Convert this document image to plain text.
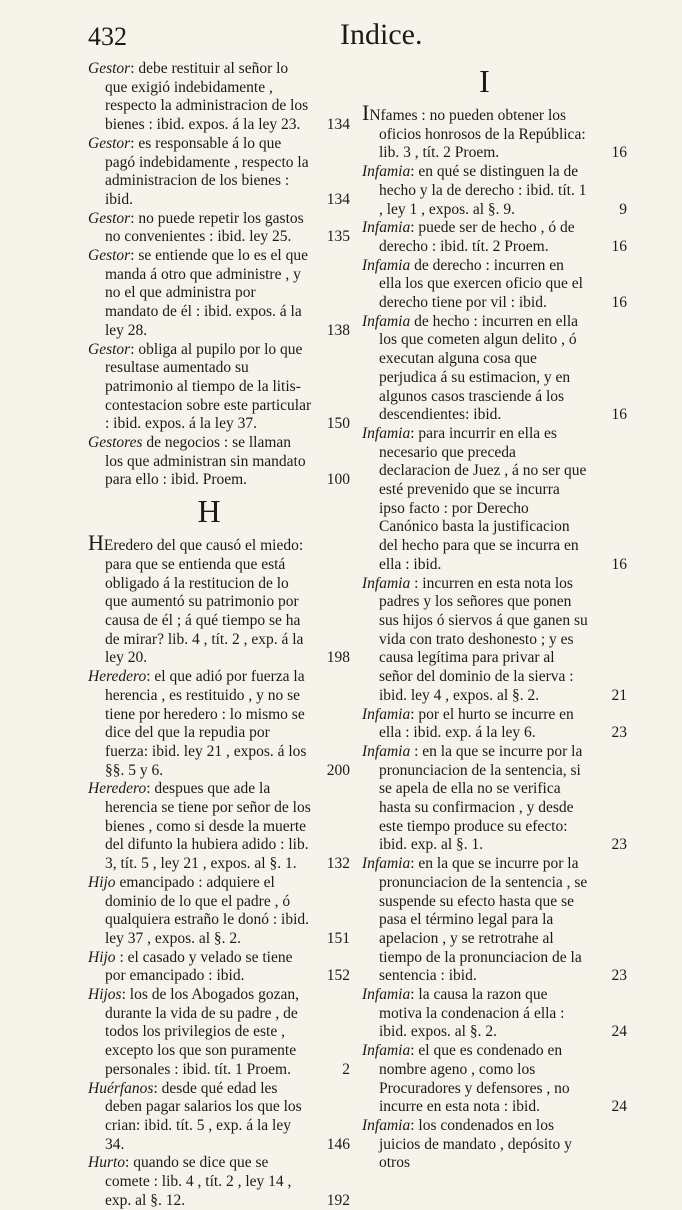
432	Indice.

Gestor: debe restituir al señor lo que exigió indebidamente , respecto la administracion de los bienes : ibid. expos. á la ley 23. 134

Gestor: es responsable á lo que pagó indebidamente , respecto la administracion de los bienes : ibid.	134

Gestor: no puede repetir los gastos no convenientes : ibid. ley 25. 135

Gestor: se entiende que lo es el que manda á otro que administre , y no el que administra por mandato de él : ibid. expos. á la ley 28.	138

Gestor: obliga al pupilo por lo que resultase aumentado su patrimonio al tiempo de la litis-contestacion sobre este particular : ibid. expos. á la ley 37.	150

Gestores de negocios : se llaman los que administran sin mandato para ello : ibid. Proem.	100

H

HEredero del que causó el miedo: para que se entienda que está obligado á la restitucion de lo que aumentó su patrimonio por causa de él ; á qué tiempo se ha de mirar? lib. 4 , tít. 2 , exp. á la ley 20.	198

Heredero: el que adió por fuerza la herencia , es restituido , y no se tiene por heredero : lo mismo se dice del que la repudia por fuerza: ibid. ley 21 , expos. á los §§. 5 y 6.	200

Heredero: despues que ade la herencia se tiene por señor de los bienes , como si desde la muerte del difunto la hubiera adido : lib. 3, tít. 5 , ley 21 , expos. al §. 1. 132

Hijo emancipado : adquiere el dominio de lo que el padre , ó qualquiera estraño le donó : ibid. ley 37 , expos. al §. 2.	151

Hijo : el casado y velado se tiene por emancipado : ibid.	152

Hijos: los de los Abogados gozan, durante la vida de su padre , de todos los privilegios de este , excepto los que son puramente personales : ibid. tít. 1 Proem.	2

Huérfanos: desde qué edad les deben pagar salarios los que los crian: ibid. tít. 5 , exp. á la ley 34.	146

Hurto: quando se dice que se comete : lib. 4 , tít. 2 , ley 14 , exp. al §. 12.	192

I

INfames : no pueden obtener los oficios honrosos de la República: lib. 3 , tít. 2 Proem.	16

Infamia: en qué se distinguen la de hecho y la de derecho : ibid. tít. 1 , ley 1 , expos. al §. 9.	9

Infamia: puede ser de hecho , ó de derecho : ibid. tít. 2 Proem.	16

Infamia de derecho : incurren en ella los que exercen oficio que el derecho tiene por vil : ibid.	16

Infamia de hecho : incurren en ella los que cometen algun delito , ó executan alguna cosa que perjudica á su estimacion, y en algunos casos trasciende á los descendientes: ibid.	16

Infamia: para incurrir en ella es necesario que preceda declaracion de Juez , á no ser que esté prevenido que se incurra ipso facto : por Derecho Canónico basta la justificacion del hecho para que se incurra en ella : ibid.	16

Infamia : incurren en esta nota los padres y los señores que ponen sus hijos ó siervos á que ganen su vida con trato deshonesto ; y es causa legítima para privar al señor del dominio de la sierva : ibid. ley 4 , expos. al §. 2.	21

Infamia: por el hurto se incurre en ella : ibid. exp. á la ley 6.	23

Infamia : en la que se incurre por la pronunciacion de la sentencia, si se apela de ella no se verifica hasta su confirmacion , y desde este tiempo produce su efecto: ibid. exp. al §. 1.	23

Infamia: en la que se incurre por la pronunciacion de la sentencia , se suspende su efecto hasta que se pasa el término legal para la apelacion , y se retrotrahe al tiempo de la pronunciacion de la sentencia : ibid.	23

Infamia: la causa la razon que motiva la condenacion á ella : ibid. expos. al §. 2.	24

Infamia: el que es condenado en nombre ageno , como los Procuradores y defensores , no incurre en esta nota : ibid.	24

Infamia: los condenados en los juicios de mandato , depósito y otros
